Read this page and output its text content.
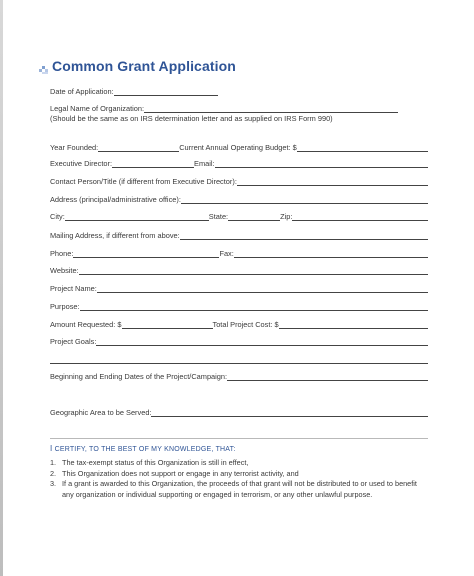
Common Grant Application
Date of Application:
Legal Name of Organization:
(Should be the same as on IRS determination letter and as supplied on IRS Form 990)
Year Founded:	Current Annual Operating Budget: $
Executive Director:	Email:
Contact Person/Title (if different from Executive Director):
Address (principal/administrative office):
City:	State:	Zip:
Mailing Address, if different from above:
Phone:	Fax:
Website:
Project Name:
Purpose:
Amount Requested: $	Total Project Cost: $
Project Goals:
Beginning and Ending Dates of the Project/Campaign:
Geographic Area to be Served:
I CERTIFY, TO THE BEST OF MY KNOWLEDGE, THAT:
1. The tax-exempt status of this Organization is still in effect,
2. This Organization does not support or engage in any terrorist activity, and
3. If a grant is awarded to this Organization, the proceeds of that grant will not be distributed to or used to benefit any organization or individual supporting or engaged in terrorism, or any other unlawful purpose.
